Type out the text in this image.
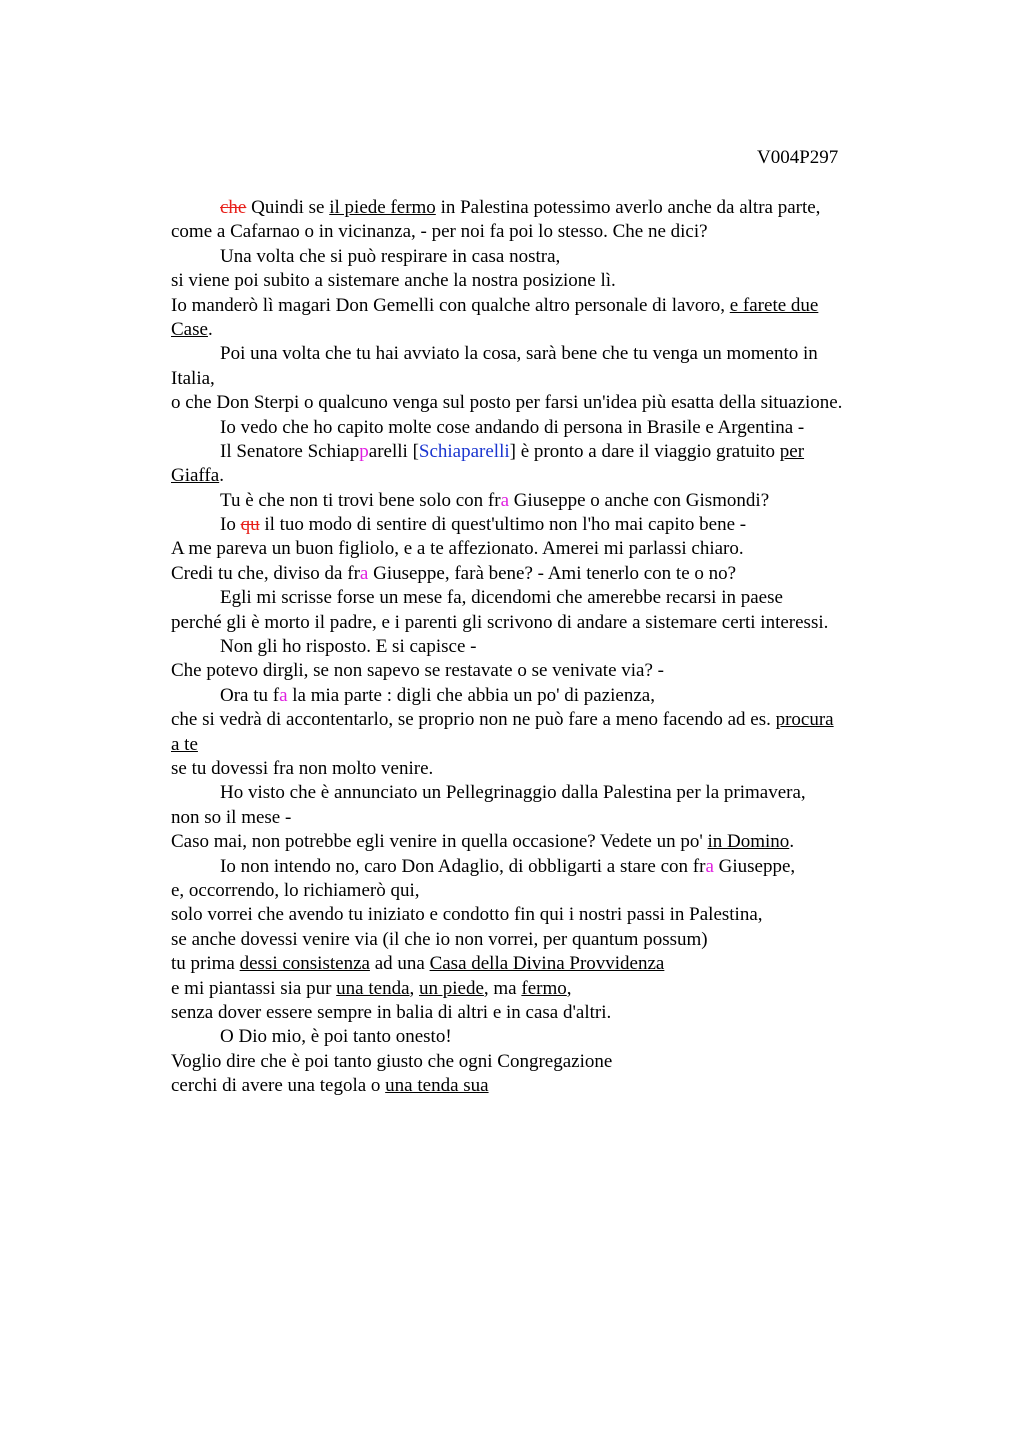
V004P297
che Quindi se il piede fermo in Palestina potessimo averlo anche da altra parte,
come a Cafarnao o in vicinanza, - per noi fa poi lo stesso. Che ne dici?
Una volta che si può respirare in casa nostra,
si viene poi subito a sistemare anche la nostra posizione lì.
Io manderò lì magari Don Gemelli con qualche altro personale di lavoro, e farete due
Case.
Poi una volta che tu hai avviato la cosa, sarà bene che tu venga un momento in
Italia,
o che Don Sterpi o qualcuno venga sul posto per farsi un'idea più esatta della situazione.
Io vedo che ho capito molte cose andando di persona in Brasile e Argentina -
Il Senatore Schiapparelli [Schiaparelli] è pronto a dare il viaggio gratuito per
Giaffa.
Tu è che non ti trovi bene solo con fra Giuseppe o anche con Gismondi?
Io qu il tuo modo di sentire di quest'ultimo non l'ho mai capito bene -
A me pareva un buon figliolo, e a te affezionato. Amerei mi parlassi chiaro.
Credi tu che, diviso da fra Giuseppe, farà bene? - Ami tenerlo con te o no?
Egli mi scrisse forse un mese fa, dicendomi che amerebbe recarsi in paese
perché gli è morto il padre, e i parenti gli scrivono di andare a sistemare certi interessi.
Non gli ho risposto. E si capisce -
Che potevo dirgli, se non sapevo se restavate o se venivate via? -
Ora tu fa la mia parte : digli che abbia un po' di pazienza,
che si vedrà di accontentarlo, se proprio non ne può fare a meno facendo ad es. procura
a te
se tu dovessi fra non molto venire.
Ho visto che è annunciato un Pellegrinaggio dalla Palestina per la primavera,
non so il mese -
Caso mai, non potrebbe egli venire in quella occasione? Vedete un po' in Domino.
Io non intendo no, caro Don Adaglio, di obbligarti a stare con fra Giuseppe,
e, occorrendo, lo richiamerò qui,
solo vorrei che avendo tu iniziato e condotto fin qui i nostri passi in Palestina,
se anche dovessi venire via (il che io non vorrei, per quantum possum)
tu prima dessi consistenza ad una Casa della Divina Provvidenza
e mi piantassi sia pur una tenda, un piede, ma fermo,
senza dover essere sempre in balia di altri e in casa d'altri.
O Dio mio, è poi tanto onesto!
Voglio dire che è poi tanto giusto che ogni Congregazione
cerchi di avere una tegola o una tenda sua
